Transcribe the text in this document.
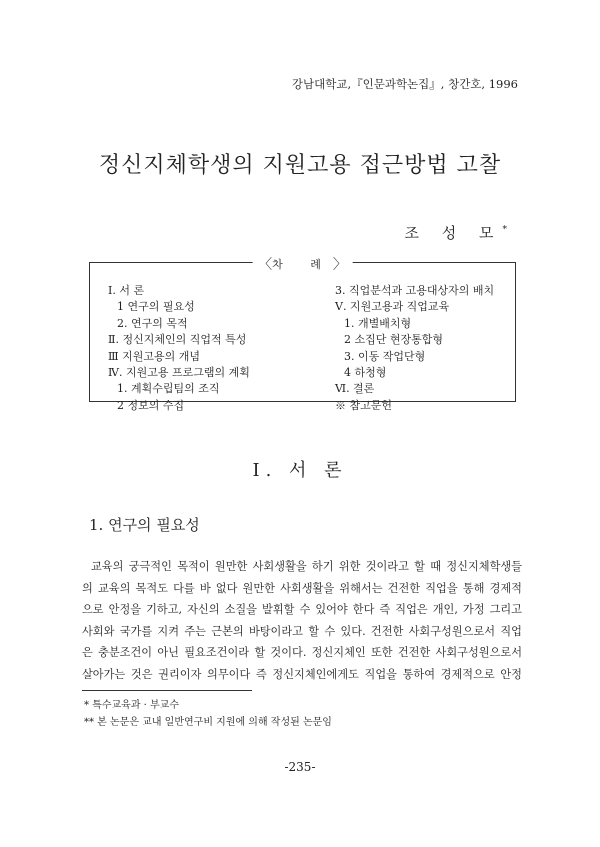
강남대학교,『인문과학논집』, 창간호, 1996
정신지체학생의 지원고용 접근방법 고찰
조 성 모*
〈 차 례 〉
Ⅰ. 서 론
1 연구의 필요성
2. 연구의 목적
Ⅱ. 정신지체인의 직업적 특성
Ⅲ 지원고용의 개념
Ⅳ. 지원고용 프로그램의 계획
1. 계획수립팀의 조직
2 정보의 수집
3. 직업분석과 고용대상자의 배치
Ⅴ. 지원고용과 직업교육
1. 개별배치형
2 소집단 현장통합형
3. 이동 작업단형
4 하청형
Ⅵ. 결론
※ 참고문헌
Ⅰ. 서 론
1. 연구의 필요성
교육의 궁극적인 목적이 원만한 사회생활을 하기 위한 것이라고 할 때 정신지체학생들
의 교육의 목적도 다를 바 없다 원만한 사회생활을 위해서는 건전한 직업을 통해 경제적
으로 안정을 기하고, 자신의 소질을 발휘할 수 있어야 한다 즉 직업은 개인, 가정 그리고
사회와 국가를 지켜 주는 근본의 바탕이라고 할 수 있다. 건전한 사회구성원으로서 직업
은 충분조건이 아닌 필요조건이라 할 것이다. 정신지체인 또한 건전한 사회구성원으로서
살아가는 것은 권리이자 의무이다 즉 정신지체인에게도 직업을 통하여 경제적으로 안정
* 특수교육과 · 부교수
** 본 논문은 교내 일반연구비 지원에 의해 작성된 논문임
-235-
